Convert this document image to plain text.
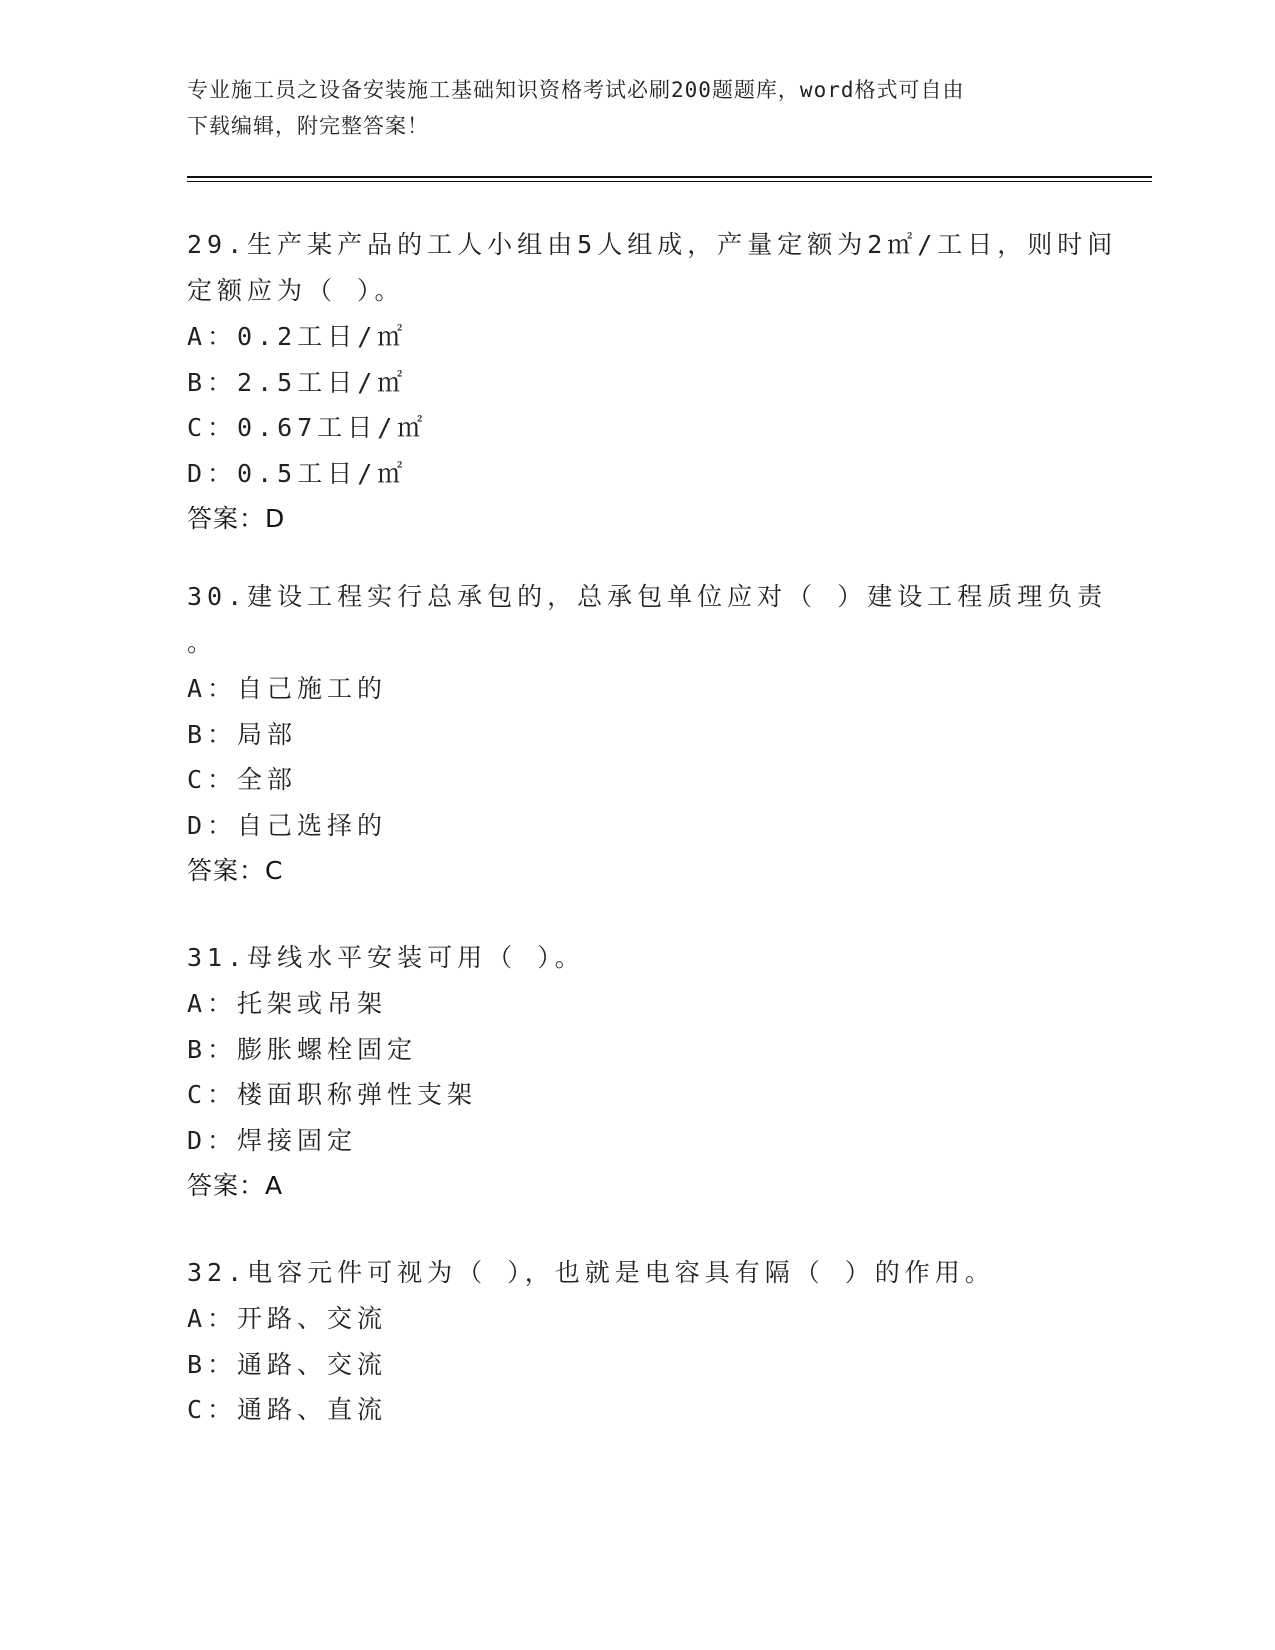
专业施工员之设备安装施工基础知识资格考试必刷200题题库，word格式可自由
下载编辑，附完整答案！
29.生产某产品的工人小组由5人组成，产量定额为2㎡/工日，则时间
定额应为（ ）。
A：0.2工日/㎡
B：2.5工日/㎡
C：0.67工日/㎡
D：0.5工日/㎡
答案：D
30.建设工程实行总承包的，总承包单位应对（ ）建设工程质理负责
。
A：自己施工的
B：局部
C：全部
D：自己选择的
答案：C
31.母线水平安装可用（ ）。
A：托架或吊架
B：膨胀螺栓固定
C：楼面职称弹性支架
D：焊接固定
答案：A
32.电容元件可视为（ ），也就是电容具有隔（ ）的作用。
A：开路、交流
B：通路、交流
C：通路、直流
